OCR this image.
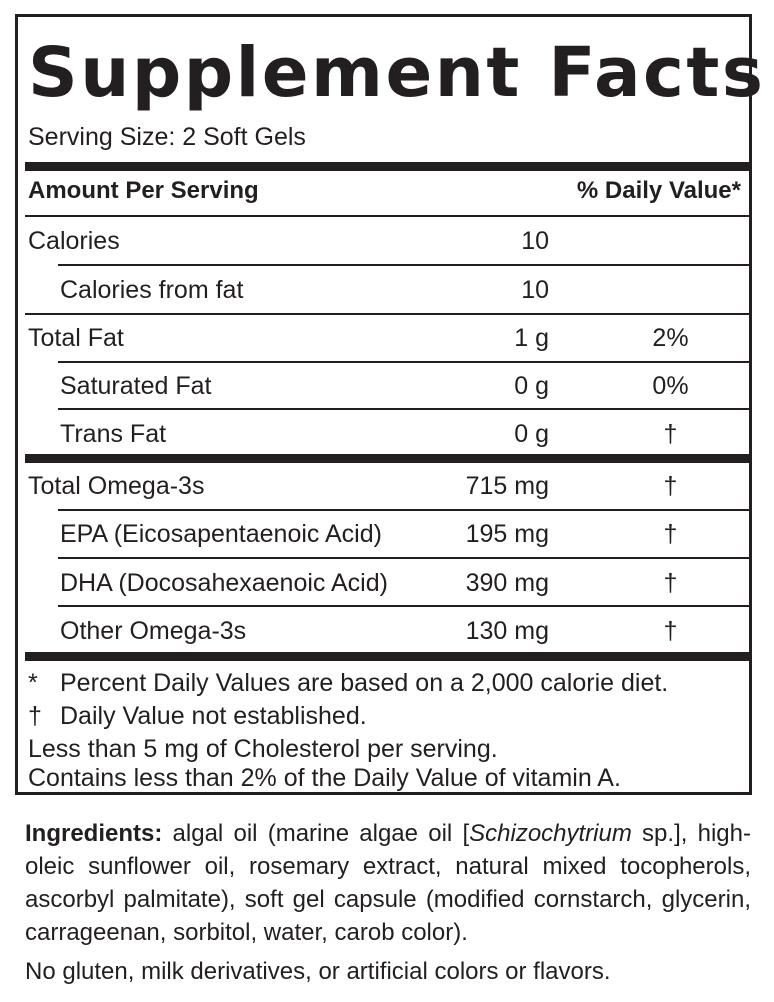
Supplement Facts
Serving Size: 2 Soft Gels
Amount Per Serving	% Daily Value*
Calories	10
Calories from fat	10
Total Fat	1 g	2%
Saturated Fat	0 g	0%
Trans Fat	0 g	†
Total Omega-3s	715 mg	†
EPA (Eicosapentaenoic Acid)	195 mg	†
DHA (Docosahexaenoic Acid)	390 mg	†
Other Omega-3s	130 mg	†
* Percent Daily Values are based on a 2,000 calorie diet.
† Daily Value not established.
Less than 5 mg of Cholesterol per serving.
Contains less than 2% of the Daily Value of vitamin A.
Ingredients: algal oil (marine algae oil [Schizochytrium sp.], high-oleic sunflower oil, rosemary extract, natural mixed tocopherols, ascorbyl palmitate), soft gel capsule (modified cornstarch, glycerin, carrageenan, sorbitol, water, carob color).
No gluten, milk derivatives, or artificial colors or flavors.
